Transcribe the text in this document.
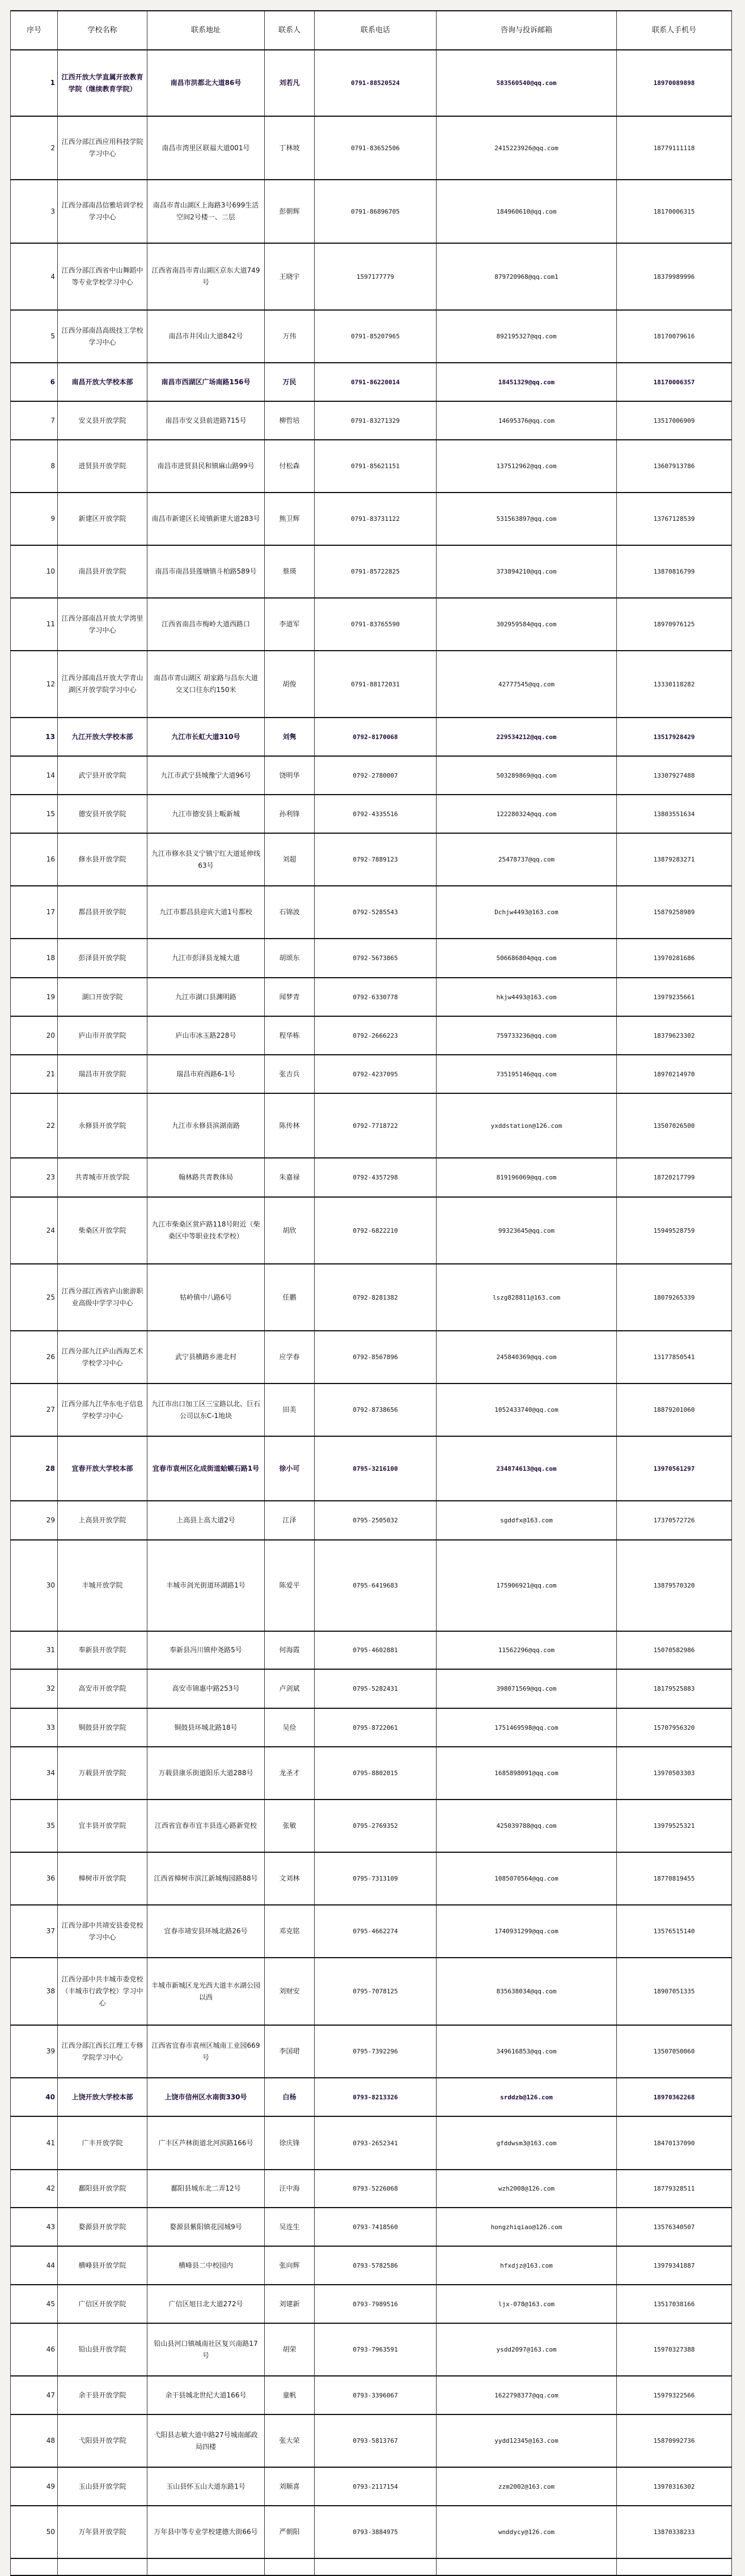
序号	学校名称	联系地址	联系人	联系电话	咨询与投诉邮箱	联系人手机号
1	江西开放大学直属开放教育学院（继续教育学院）	南昌市洪都北大道86号	刘若凡	0791-88520524	583560540@qq.com	18970089898
2	江西分部江西应用科技学院学习中心	南昌市湾里区联福大道001号	丁林坡	0791-83652506	2415223926@qq.com	18779111118
3	江西分部南昌信雅培训学校学习中心	南昌市青山湖区上海路3号699生活空间2号楼一、二层	彭朝辉	0791-86896705	184960610@qq.com	18170006315
4	江西分部江西省中山舞蹈中等专业学校学习中心	江西省南昌市青山湖区京东大道749号	王晓宇	1597177779	879720968@qq.com1	18379989996
5	江西分部南昌高级技工学校学习中心	南昌市井冈山大道842号	万伟	0791-85207965	892195327@qq.com	18170079616
6	南昌开放大学校本部	南昌市西湖区广场南路156号	万民	0791-86220014	18451329@qq.com	18170006357
7	安义县开放学院	南昌市安义县前进路715号	柳哲培	0791-83271329	14695376@qq.com	13517006909
8	进贤县开放学院	南昌市进贤县民和镇麻山路99号	付松森	0791-85621151	137512962@qq.com	13607913786
9	新建区开放学院	南昌市新建区长堎镇新建大道283号	熊卫辉	0791-83731122	531563897@qq.com	13767128539
10	南昌县开放学院	南昌市南昌县莲塘镇斗柏路589号	蔡瑛	0791-85722825	373894210@qq.com	13870816799
11	江西分部南昌开放大学湾里学习中心	江西省南昌市梅岭大道西路口	李道军	0791-83765590	302959584@qq.com	18970976125
12	江西分部南昌开放大学青山湖区开放学院学习中心	南昌市青山湖区 胡家路与昌东大道交叉口往东约150米	胡俊	0791-88172031	42777545@qq.com	13330118282
13	九江开放大学校本部	九江市长虹大道310号	刘隽	0792-8170068	229534212@qq.com	13517928429
14	武宁县开放学院	九江市武宁县城豫宁大道96号	饶明华	0792-2780007	503289869@qq.com	13307927488
15	德安县开放学院	九江市德安县上畈新城	孙利锋	0792-4335516	122280324@qq.com	13803551634
16	修水县开放学院	九江市修水县义宁镇宁红大道延伸线63号	刘超	0792-7889123	25478737@qq.com	13879283271
17	都昌县开放学院	九江市都昌县迎宾大道1号都校	石锦波	0792-5285543	Dchjw4493@163.com	15879258989
18	彭泽县开放学院	九江市彭泽县龙城大道	胡颂东	0792-5673865	506686804@qq.com	13970281686
19	湖口开放学院	九江市湖口县渊明路	闻梦青	0792-6330778	hkjw4493@163.com	13979235661
20	庐山市开放学院	庐山市冰玉路228号	程华栋	0792-2666223	759733236@qq.com	18379623302
21	瑞昌市开放学院	瑞昌市府西路6-1号	张吉兵	0792-4237095	735195146@qq.com	18970214970
22	永修县开放学院	九江市永修县滨湖南路	陈传林	0792-7718722	yxddstation@126.com	13507026500
23	共青城市开放学院	翰林路共青教体局	朱嘉禄	0792-4357298	819196069@qq.com	18720217799
24	柴桑区开放学院	九江市柴桑区赏庐路118号附近（柴桑区中等职业技术学校）	胡欣	0792-6822210	99323645@qq.com	15949528759
25	江西分部江西省庐山旅游职业高级中学学习中心	牯岭镇中八路6号	任鹏	0792-8281382	lszg828811@163.com	18079265339
26	江西分部九江庐山西海艺术学校学习中心	武宁县横路乡港北村	应学春	0792-8567896	245840369@qq.com	13177850541
27	江西分部九江华东电子信息学校学习中心	九江市出口加工区三宝路以北、巨石公司以东C-1地块	田美	0792-8738656	1052433740@qq.com	18879201060
28	宜春开放大学校本部	宜春市袁州区化成街道蛤蟆石路1号	徐小可	0795-3216100	234874613@qq.com	13970561297
29	上高县开放学院	上高县上高大道2号	江泽	0795-2505032	sgddfx@163.com	17370572726
30	丰城开放学院	丰城市剑光街道环湖路1号	陈爱平	0795-6419683	175906921@qq.com	13879570320
31	奉新县开放学院	奉新县冯川镇仲尧路5号	何海霞	0795-4602881	11562296@qq.com	15070582986
32	高安市开放学院	高安市锦惠中路253号	卢剑斌	0795-5282431	398071569@qq.com	18179525883
33	铜鼓县开放学院	铜鼓县环城北路18号	吴俭	0795-8722061	1751469598@qq.com	15707956320
34	万载县开放学院	万载县康乐街道阳乐大道288号	龙圣才	0795-8802015	1685898091@qq.com	13970503303
35	宜丰县开放学院	江西省宜春市宜丰县连心路新党校	张敏	0795-2769352	425039788@qq.com	13979525321
36	樟树市开放学院	江西省樟树市滨江新城梅园路88号	文刘林	0795-7313109	1085070564@qq.com	18770819455
37	江西分部中共靖安县委党校学习中心	宜春市靖安县环城北路26号	邓克铭	0795-4662274	1740931299@qq.com	13576515140
38	江西分部中共丰城市委党校（丰城市行政学校）学习中心	丰城市新城区龙光西大道丰水湖公园以西	刘财安	0795-7078125	835638034@qq.com	18907051335
39	江西分部江西长江理工专修学院学习中心	江西省宜春市袁州区城南工业园669号	李国珺	0795-7392296	349616853@qq.com	13507050060
40	上饶开放大学校本部	上饶市信州区水南街330号	白杨	0793-8213326	srddzb@126.com	18970362268
41	广丰开放学院	广丰区芦林街道北河滨路166号	徐庆锋	0793-2652341	gfddwsm3@163.com	18470137090
42	鄱阳县开放学院	鄱阳县城东北二弄12号	汪中海	0793-5226068	wzh2008@126.com	18779328511
43	婺源县开放学院	婺源县紫阳镇花园城9号	吴连生	0793-7418560	hongzhiqiao@126.com	13576340507
44	横峰县开放学院	横峰县二中校园内	张向辉	0793-5782586	hfxdjz@163.com	13979341887
45	广信区开放学院	广信区旭日北大道272号	刘建新	0793-7989516	ljx-078@163.com	13517038166
46	铅山县开放学院	铅山县河口镇城南社区复兴南路17号	胡荣	0793-7963591	ysdd2097@163.com	15970327388
47	余干县开放学院	余干县城北世纪大道166号	童帆	0793-3396067	1622798377@qq.com	15979322566
48	弋阳县开放学院	弋阳县志敏大道中路27号城南邮政局四楼	张大荣	0793-5813767	yydd12345@163.com	15870992736
49	玉山县开放学院	玉山县怀玉山大道东路1号	刘顺喜	0793-2117154	zzm2002@163.com	13970316302
50	万年县开放学院	万年县中等专业学校建德大街66号	严朝阳	0793-3884975	wnddycy@126.com	13870338233
